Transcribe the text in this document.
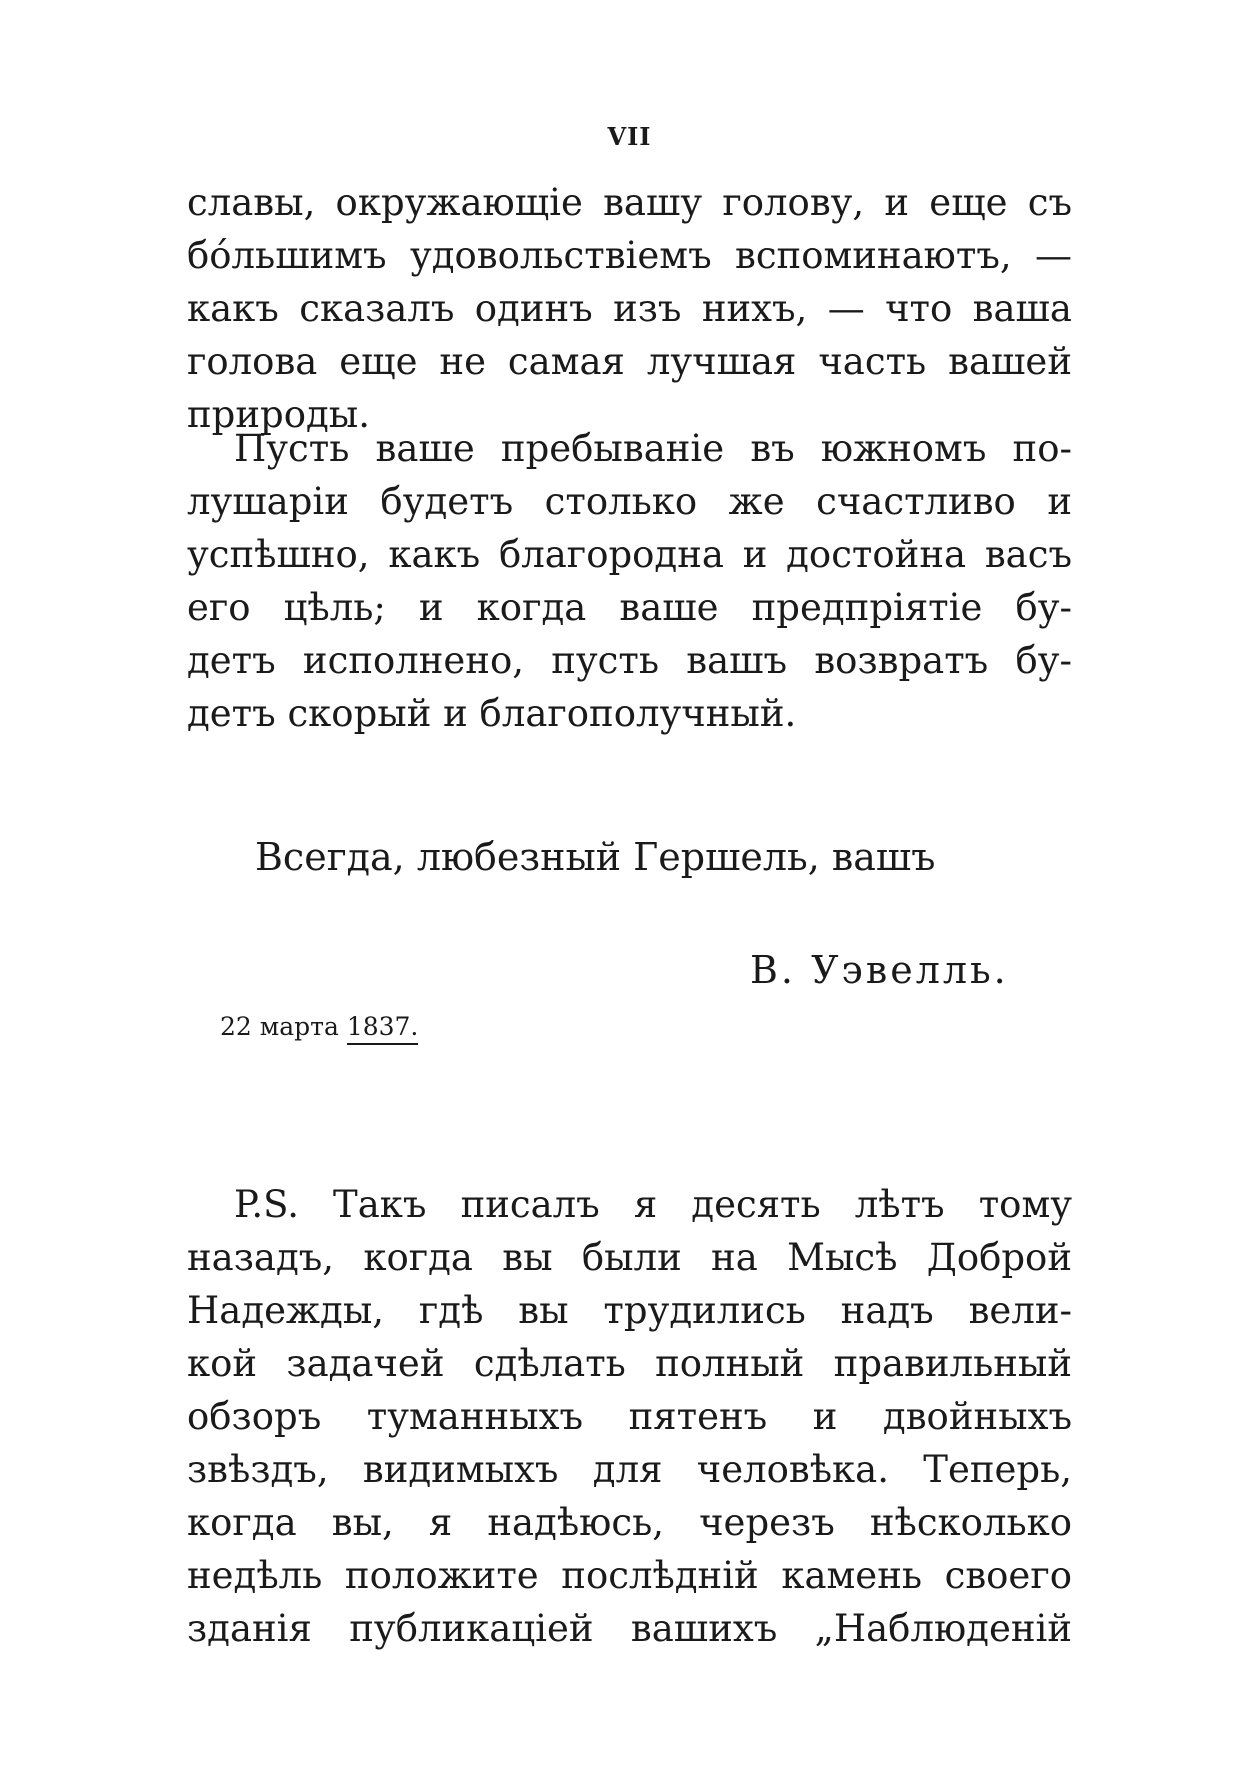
VII
славы, окружающіе вашу голову, и еще съ
бо́льшимъ удовольствіемъ вспоминаютъ, —
какъ сказалъ одинъ изъ нихъ, — что ваша
голова еще не самая лучшая часть вашей
природы.
Пусть ваше пребываніе въ южномъ по-
лушаріи будетъ столько же счастливо и
успѣшно, какъ благородна и достойна васъ
его цѣль; и когда ваше предпріятіе бу-
детъ исполнено, пусть вашъ возвратъ бу-
детъ скорый и благополучный.
Всегда, любезный Гершель, вашъ
В. Уэвелль.
22 марта 1837.
P.S. Такъ писалъ я десять лѣтъ тому
назадъ, когда вы были на Мысѣ Доброй
Надежды, гдѣ вы трудились надъ вели-
кой задачей сдѣлать полный правильный
обзоръ туманныхъ пятенъ и двойныхъ
звѣздъ, видимыхъ для человѣка. Теперь,
когда вы, я надѣюсь, черезъ нѣсколько
недѣль положите послѣдній камень своего
зданія публикаціей вашихъ „Наблюденій
